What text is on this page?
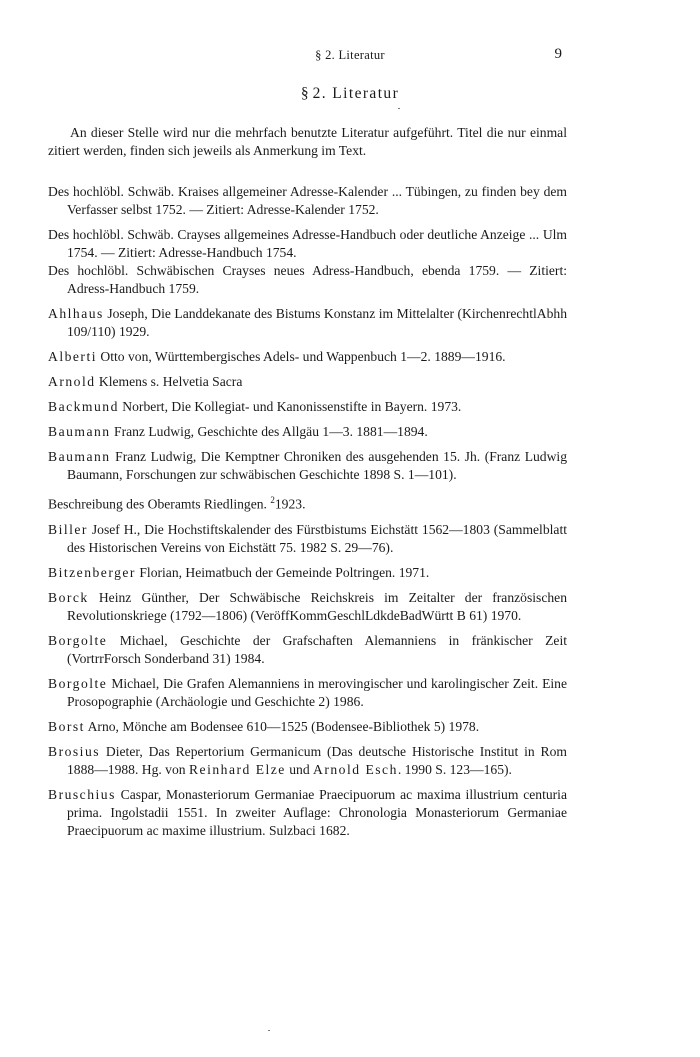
§ 2. Literatur	9
§ 2. Literatur

An dieser Stelle wird nur die mehrfach benutzte Literatur aufgeführt. Titel die nur einmal zitiert werden, finden sich jeweils als Anmerkung im Text.

Des hochlöbl. Schwäb. Kraises allgemeiner Adresse-Kalender ... Tübingen, zu finden bey dem Verfasser selbst 1752. — Zitiert: Adresse-Kalender 1752.
Des hochlöbl. Schwäb. Crayses allgemeines Adresse-Handbuch oder deutliche Anzeige ... Ulm 1754. — Zitiert: Adresse-Handbuch 1754.
Des hochlöbl. Schwäbischen Crayses neues Adress-Handbuch, ebenda 1759. — Zitiert: Adress-Handbuch 1759.
Ahlhaus Joseph, Die Landdekanate des Bistums Konstanz im Mittelalter (KirchenrechtlAbhh 109/110) 1929.
Alberti Otto von, Württembergisches Adels- und Wappenbuch 1—2. 1889—1916.
Arnold Klemens s. Helvetia Sacra
Backmund Norbert, Die Kollegiat- und Kanonissenstifte in Bayern. 1973.
Baumann Franz Ludwig, Geschichte des Allgäu 1—3. 1881—1894.
Baumann Franz Ludwig, Die Kemptner Chroniken des ausgehenden 15. Jh. (Franz Ludwig Baumann, Forschungen zur schwäbischen Geschichte 1898 S. 1—101).
Beschreibung des Oberamts Riedlingen. $^2$1923.
Biller Josef H., Die Hochstiftskalender des Fürstbistums Eichstätt 1562—1803 (Sammelblatt des Historischen Vereins von Eichstätt 75. 1982 S. 29—76).
Bitzenberger Florian, Heimatbuch der Gemeinde Poltringen. 1971.
Borck Heinz Günther, Der Schwäbische Reichskreis im Zeitalter der französischen Revolutionskriege (1792—1806) (VeröffKommGeschlLdkdeBadWürtt B 61) 1970.
Borgolte Michael, Geschichte der Grafschaften Alemanniens in fränkischer Zeit (VortrrForsch Sonderband 31) 1984.
Borgolte Michael, Die Grafen Alemanniens in merovingischer und karolingischer Zeit. Eine Prosopographie (Archäologie und Geschichte 2) 1986.
Borst Arno, Mönche am Bodensee 610—1525 (Bodensee-Bibliothek 5) 1978.
Brosius Dieter, Das Repertorium Germanicum (Das deutsche Historische Institut in Rom 1888—1988. Hg. von Reinhard Elze und Arnold Esch. 1990 S. 123—165).
Bruschius Caspar, Monasteriorum Germaniae Praecipuorum ac maxima illustrium centuria prima. Ingolstadii 1551. In zweiter Auflage: Chronologia Monasteriorum Germaniae Praecipuorum ac maxime illustrium. Sulzbaci 1682.
